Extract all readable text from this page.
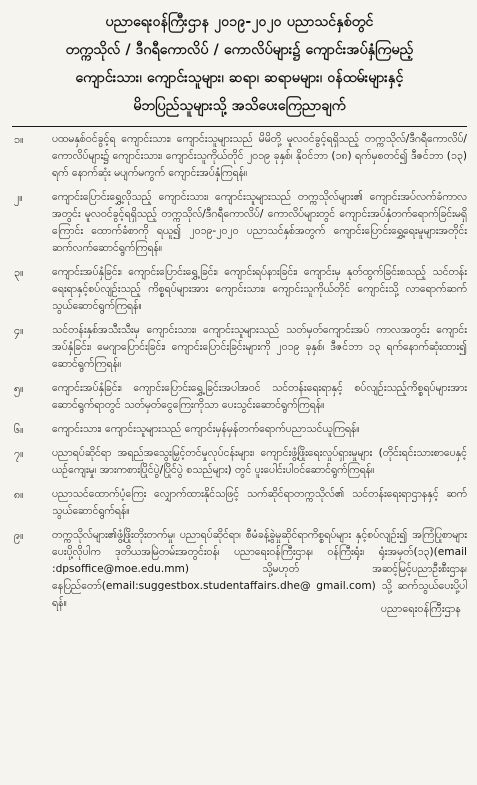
ပညာရေးဝန်ကြီးဌာန ၂၀၁၉-၂၀၂၀ ပညာသင်နှစ်တွင်
တက္ကသိုလ် / ဒီဂရီကောလိပ် / ကောလိပ်များ၌ ကျောင်းအပ်နှံကြမည့်
ကျောင်းသား၊ ကျောင်းသူများ၊ ဆရာ၊ ဆရာမများ၊ ဝန်ထမ်းများနှင့်
မိဘပြည်သူများသို့ အသိပေးကြေညာချက်
၁။	ပထမနှစ်ဝင်ခွင့်ရ ကျောင်းသား၊ ကျောင်းသူများသည် မိမိတို့ မူလဝင်ခွင့်ရရှိသည့် တက္ကသိုလ်/ဒီဂရီကောလိပ်/ကောလိပ်များ၌ ကျောင်းသား၊ ကျောင်းသူကိုယ်တိုင် ၂၀၁၉ ခုနှစ်၊ နိုဝင်ဘာ (၁၈) ရက်မှစတင်၍ ဒီဇင်ဘာ (၁၃) ရက် နောက်ဆုံး မပျက်မကွက် ကျောင်းအပ်နှံကြရန်။
၂။	ကျောင်းပြောင်းရွှေ့လိုသည့် ကျောင်းသား၊ ကျောင်းသူများသည် တက္ကသိုလ်များ၏ ကျောင်းအပ်လက်ခံကာလအတွင်း မူလဝင်ခွင့်ရရှိသည့် တက္ကသိုလ်/ဒီဂရီကောလိပ်/ ကောလိပ်များတွင် ကျောင်းအပ်နှံတက်ရောက်ခြင်းမရှိကြောင်း ထောက်ခံစာကို ရယူ၍ ၂၀၁၉-၂၀၂၀ ပညာသင်နှစ်အတွက် ကျောင်းပြောင်းရွှေ့ရေးမူများအတိုင်း ဆက်လက်ဆောင်ရွက်ကြရန်။
၃။	ကျောင်းအပ်နှံခြင်း၊ ကျောင်းပြောင်းရွှေ့ခြင်း၊ ကျောင်းရပ်နားခြင်း၊ ကျောင်းမှ နုတ်ထွက်ခြင်းစသည့် သင်တန်းရေးရာနှင့်စပ်လျဉ်းသည့် ကိစ္စရပ်များအား ကျောင်းသား၊ ကျောင်းသူကိုယ်တိုင် ကျောင်းသို့ လာရောက်ဆက်သွယ်ဆောင်ရွက်ကြရန်။
၄။	သင်တန်းနှစ်အသီးသီးမှ ကျောင်းသား၊ ကျောင်းသူများသည် သတ်မှတ်ကျောင်းအပ် ကာလအတွင်း ကျောင်းအပ်နှံခြင်း၊ မေဂျာပြောင်းခြင်း၊ ကျောင်းပြောင်းခြင်းများကို ၂၀၁၉ ခုနှစ်၊ ဒီဇင်ဘာ ၁၃ ရက်နောက်ဆုံးထား၍ ဆောင်ရွက်ကြရန်။
၅။	ကျောင်းအပ်နှံခြင်း၊ ကျောင်းပြောင်းရွှေ့ခြင်းအပါအဝင် သင်တန်းရေးရာနှင့် စပ်လျဉ်းသည့်ကိစ္စရပ်များအား ဆောင်ရွက်ရာတွင် သတ်မှတ်ငွေကြေးကိုသာ ပေးသွင်းဆောင်ရွက်ကြရန်။
၆။	ကျောင်းသား၊ ကျောင်းသူများသည် ကျောင်းမှန်မှန်တက်ရောက်ပညာသင်ယူကြရန်။
၇။	ပညာရပ်ဆိုင်ရာ အရည်အသွေးမြှင့်တင်မှုလုပ်ငန်းများ၊ ကျောင်းဖွံ့ဖြိုးရေးလှုပ်ရှားမှုများ (တိုင်းရင်းသားစာပေနှင့်ယဉ်ကျေးမှု၊ အားကစားပြိုင်ပွဲ/ပြိုင်ပွဲ စသည်များ) တွင် ပူးပေါင်းပါဝင်ဆောင်ရွက်ကြရန်။
၈။	ပညာသင်ထောက်ပံ့ကြေး လျှောက်ထားနိုင်သဖြင့် သက်ဆိုင်ရာတက္ကသိုလ်၏ သင်တန်းရေးရာဌာနနှင့် ဆက်သွယ်ဆောင်ရွက်ရန်။
၉။	တက္ကသိုလ်များ၏ဖွံ့ဖြိုးတိုးတက်မှု၊ ပညာရပ်ဆိုင်ရာ၊ စီမံခန့်ခွဲမှုဆိုင်ရာကိစ္စရပ်များ နှင့်စပ်လျဉ်း၍ အကြံပြုစာများပေးပို့လိုပါက ဒုတိယအမြဲတမ်းအတွင်းဝန်၊ ပညာရေးဝန်ကြီးဌာန၊ ဝန်ကြီးရုံး၊ ရုံးအမှတ်(၁၃)(email :dpsoffice@moe.edu.mm) သို့မဟုတ် အဆင့်မြင့်ပညာဦးစီးဌာန၊ နေပြည်တော်(email:suggestbox.studentaffairs.dhe@ gmail.com) သို့ ဆက်သွယ်ပေးပို့ပါရန်။	ပညာရေးဝန်ကြီးဌာန
